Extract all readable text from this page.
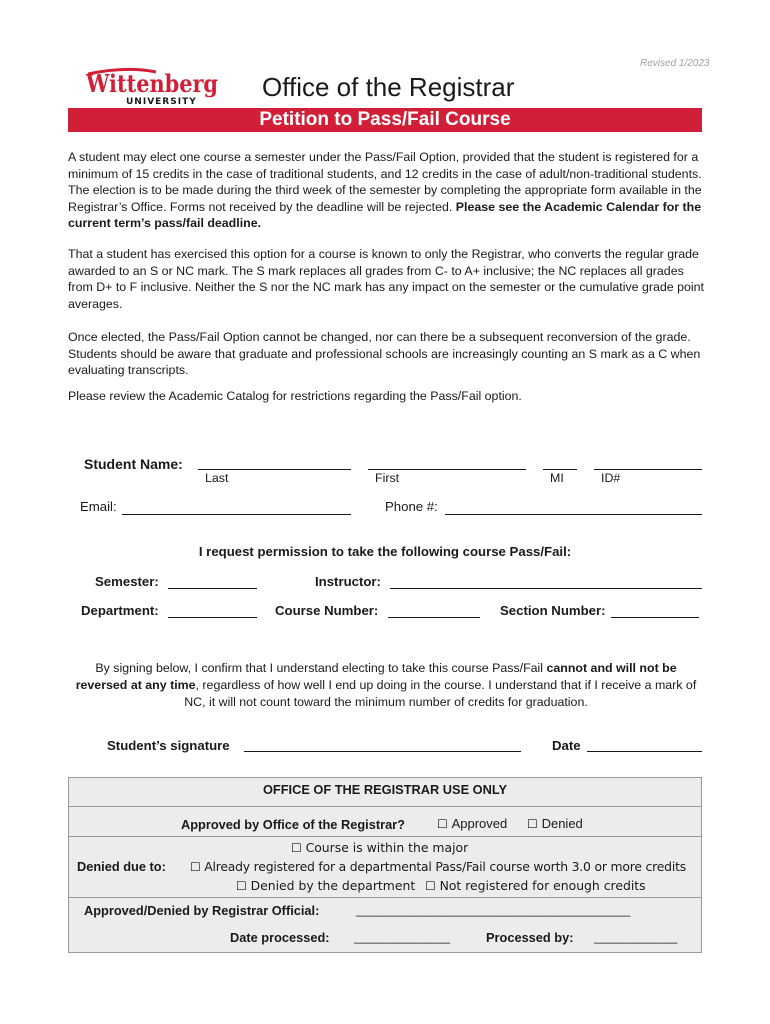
Revised 1/2023
Wittenberg
UNIVERSITY	Office of the Registrar
Petition to Pass/Fail Course
A student may elect one course a semester under the Pass/Fail Option, provided that the student is registered for a minimum of 15 credits in the case of traditional students, and 12 credits in the case of adult/non-traditional students. The election is to be made during the third week of the semester by completing the appropriate form available in the Registrar’s Office. Forms not received by the deadline will be rejected. Please see the Academic Calendar for the current term’s pass/fail deadline.
That a student has exercised this option for a course is known to only the Registrar, who converts the regular grade awarded to an S or NC mark. The S mark replaces all grades from C- to A+ inclusive; the NC replaces all grades from D+ to F inclusive. Neither the S nor the NC mark has any impact on the semester or the cumulative grade point averages.
Once elected, the Pass/Fail Option cannot be changed, nor can there be a subsequent reconversion of the grade. Students should be aware that graduate and professional schools are increasingly counting an S mark as a C when evaluating transcripts.
Please review the Academic Catalog for restrictions regarding the Pass/Fail option.
Student Name:
Last	First	MI	ID#
Email:	Phone #:
I request permission to take the following course Pass/Fail:
Semester:	Instructor:
Department:	Course Number:	Section Number:
By signing below, I confirm that I understand electing to take this course Pass/Fail cannot and will not be reversed at any time, regardless of how well I end up doing in the course. I understand that if I receive a mark of NC, it will not count toward the minimum number of credits for graduation.
Student’s signature	Date
OFFICE OF THE REGISTRAR USE ONLY
Approved by Office of the Registrar?	☐ Approved ☐ Denied
Denied due to:
☐ Course is within the major
☐ Already registered for a departmental Pass/Fail course worth 3.0 or more credits
☐ Denied by the department ☐ Not registered for enough credits
Approved/Denied by Registrar Official:	___________________________________________
Date processed: _______________	Processed by: _____________
